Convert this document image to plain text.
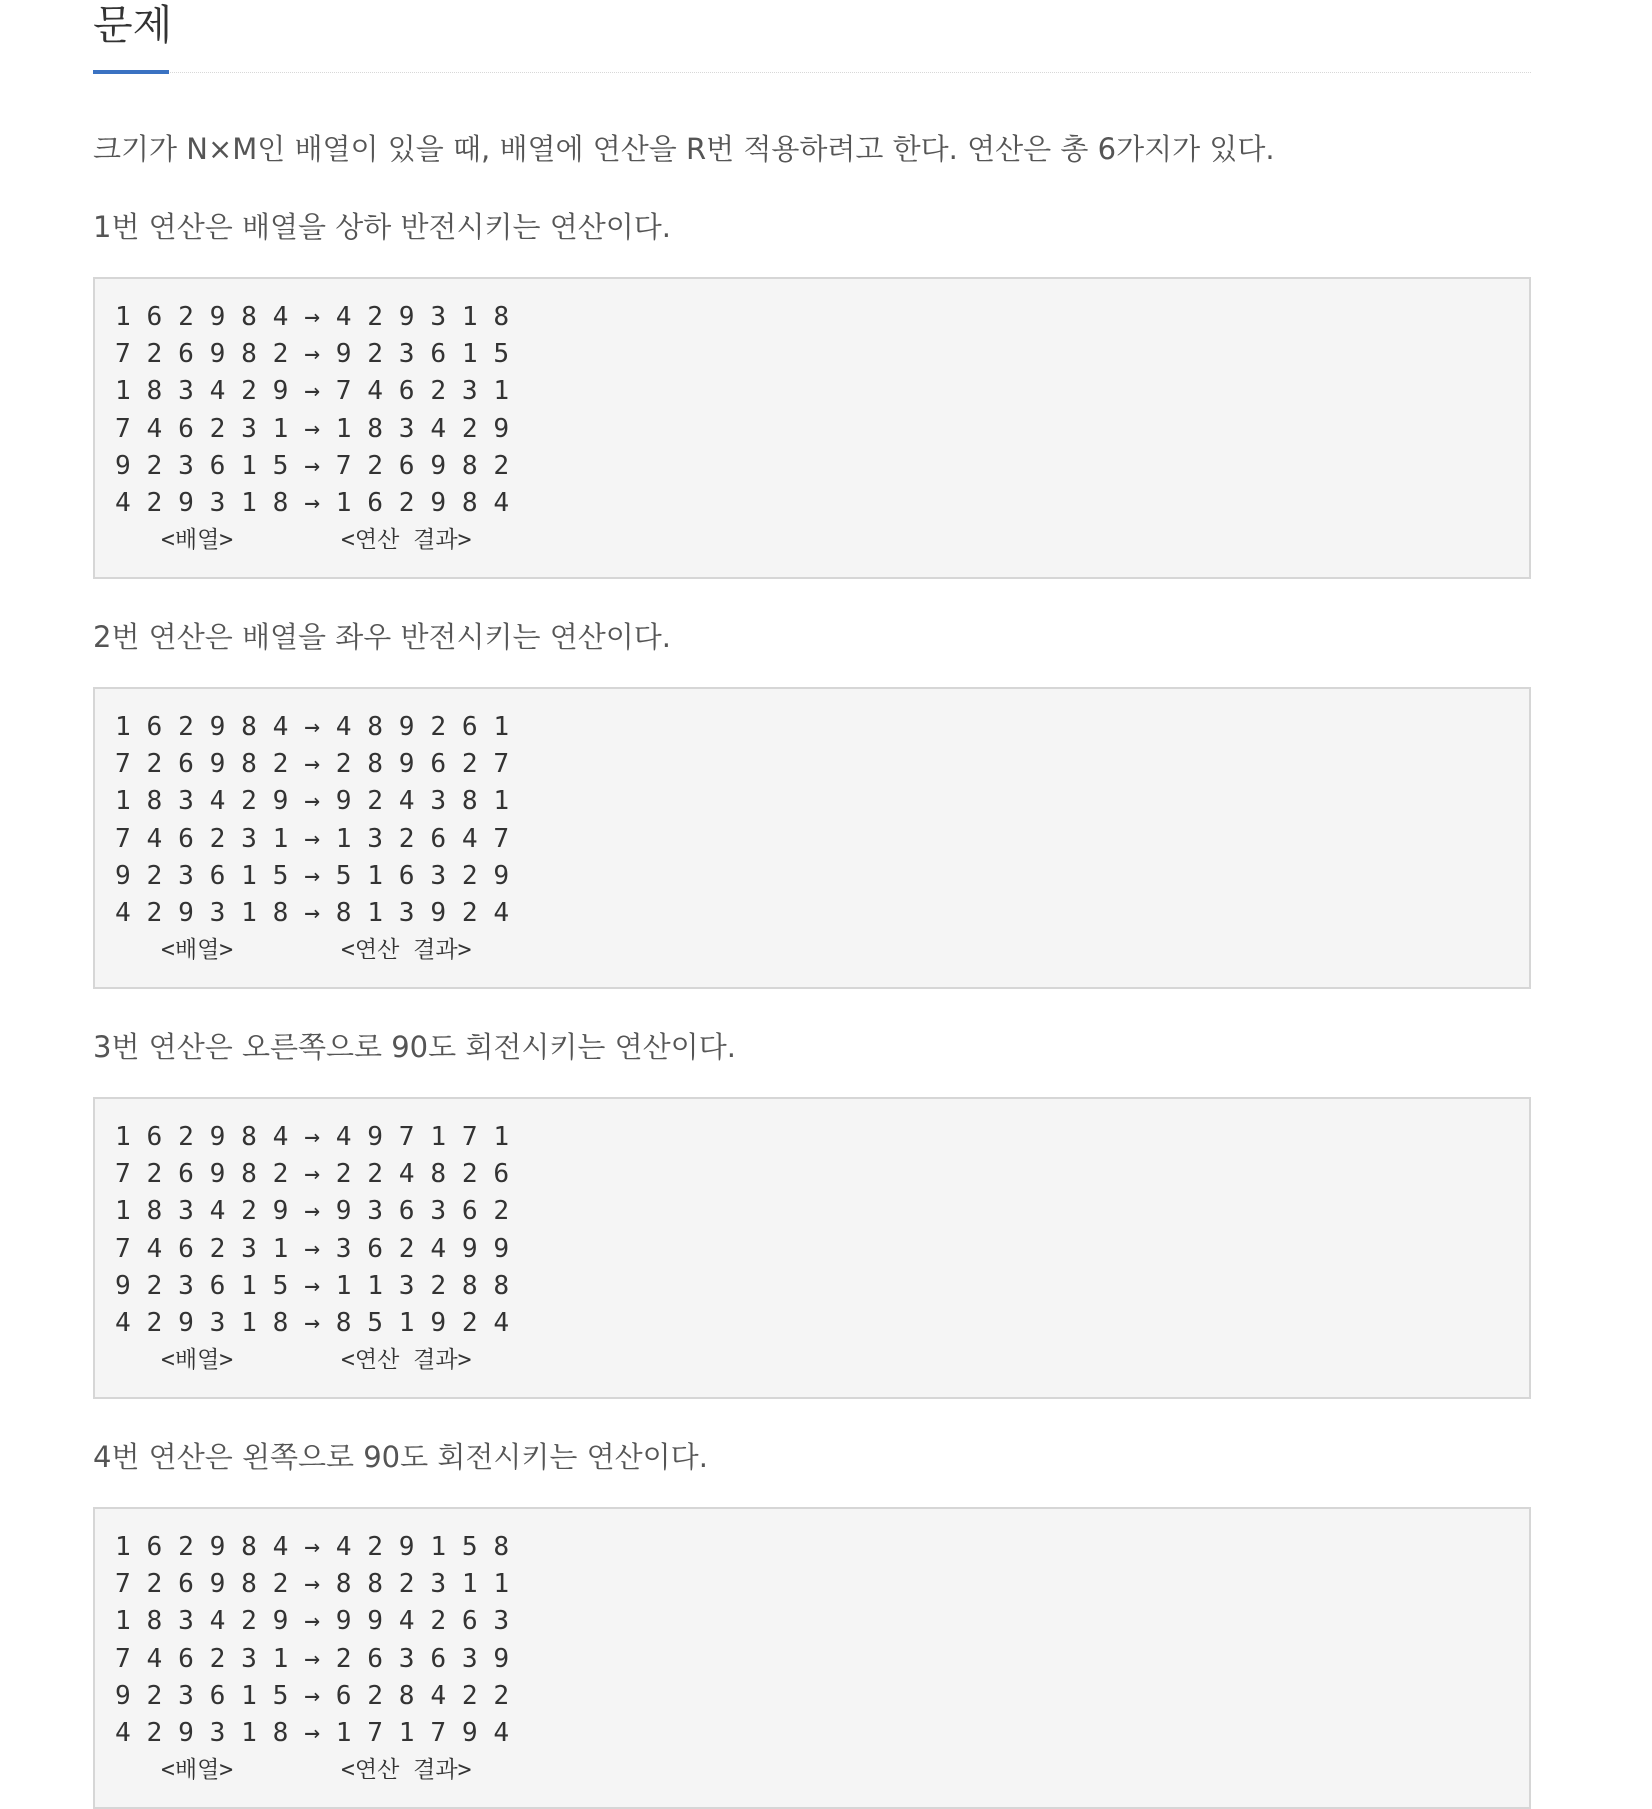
문제

크기가 N×M인 배열이 있을 때, 배열에 연산을 R번 적용하려고 한다. 연산은 총 6가지가 있다.

1번 연산은 배열을 상하 반전시키는 연산이다.

1 6 2 9 8 4 → 4 2 9 3 1 8
7 2 6 9 8 2 → 9 2 3 6 1 5
1 8 3 4 2 9 → 7 4 6 2 3 1
7 4 6 2 3 1 → 1 8 3 4 2 9
9 2 3 6 1 5 → 7 2 6 9 8 2
4 2 9 3 1 8 → 1 6 2 9 8 4
<배열>	<연산 결과>

2번 연산은 배열을 좌우 반전시키는 연산이다.

1 6 2 9 8 4 → 4 8 9 2 6 1
7 2 6 9 8 2 → 2 8 9 6 2 7
1 8 3 4 2 9 → 9 2 4 3 8 1
7 4 6 2 3 1 → 1 3 2 6 4 7
9 2 3 6 1 5 → 5 1 6 3 2 9
4 2 9 3 1 8 → 8 1 3 9 2 4
<배열>	<연산 결과>

3번 연산은 오른쪽으로 90도 회전시키는 연산이다.

1 6 2 9 8 4 → 4 9 7 1 7 1
7 2 6 9 8 2 → 2 2 4 8 2 6
1 8 3 4 2 9 → 9 3 6 3 6 2
7 4 6 2 3 1 → 3 6 2 4 9 9
9 2 3 6 1 5 → 1 1 3 2 8 8
4 2 9 3 1 8 → 8 5 1 9 2 4
<배열>	<연산 결과>

4번 연산은 왼쪽으로 90도 회전시키는 연산이다.

1 6 2 9 8 4 → 4 2 9 1 5 8
7 2 6 9 8 2 → 8 8 2 3 1 1
1 8 3 4 2 9 → 9 9 4 2 6 3
7 4 6 2 3 1 → 2 6 3 6 3 9
9 2 3 6 1 5 → 6 2 8 4 2 2
4 2 9 3 1 8 → 1 7 1 7 9 4
<배열>	<연산 결과>
